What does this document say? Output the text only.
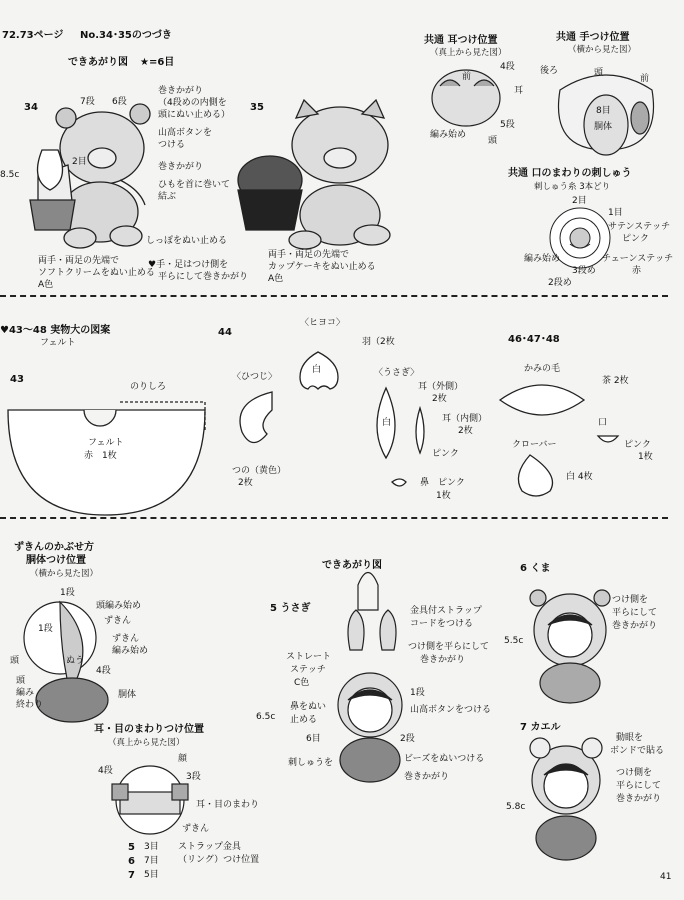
72.73ページ No.34･35のつづき
できあがり図 ★=6目
34
8.5c
7段 6段
2目
巻きかがり
（4段めの内側を
頭にぬい止める）
山高ボタンを
つける
巻きかがり
ひもを首に巻いて
結ぶ
しっぽをぬい止める
両手・両足の先端で
ソフトクリームをぬい止める
A色
♥手・足はつけ側を
平らにして巻きかがり
35
両手・両足の先端で
カップケーキをぬい止める
A色
共通 耳つけ位置
（真上から見た図）
4段
前
耳
5段
編み始め
頭
共通 手つけ位置
（横から見た図）
後ろ	頭
前
8目
胴体
共通 口のまわりの刺しゅう
刺しゅう糸 3本どり
2目
1目
サテンステッチ
ピンク
チェーンステッチ
赤
編み始め
3段め
2段め
♥43～48 実物大の図案
フェルト
43
のりしろ
フェルト
赤　1枚
44
〈ひつじ〉
つの（黄色）
2枚
〈ヒヨコ〉
羽（2枚
白	〈うさぎ〉
耳（外側）
2枚
白	耳（内側）
2枚
ピンク
鼻　ピンク
1枚
46･47･48
かみの毛
茶 2枚
口
ピンク
1枚
クローバー
白 4枚
ずきんのかぶせ方
胴体つけ位置
（横から見た図）
1段
頭編み始め
1段
ずきん
ずきん
編み始め
ぬう
4段
頭
頭
編み
終わり
胴体
耳・目のまわりつけ位置
（真上から見た図）
顔
4段
3段
耳・目のまわり
ずきん
ストラップ金具
（リング）つけ位置
5 3目
6 7目
7 5目
できあがり図
5 うさぎ
6.5c
金具付ストラップ
コードをつける
つけ側を平らにして
巻きかがり
ストレート
ステッチ
C色
1段
鼻をぬい
止める
山高ボタンをつける
6目	2段
刺しゅうを	ビーズをぬいつける
巻きかがり
6 くま
5.5c
つけ側を
平らにして
巻きかがり
7 カエル
5.8c
動眼を
ボンドで貼る
つけ側を
平らにして
巻きかがり
41
